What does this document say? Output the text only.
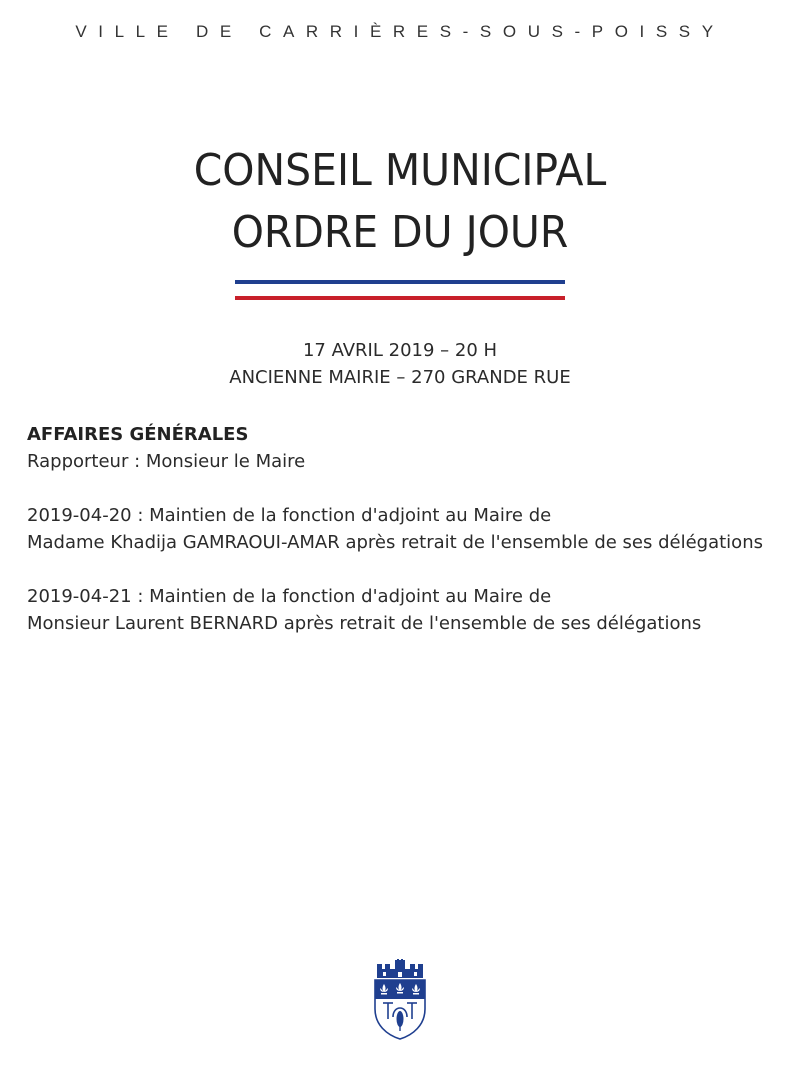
VILLE DE CARRIÈRES-SOUS-POISSY
CONSEIL MUNICIPAL
ORDRE DU JOUR
17 AVRIL 2019 – 20 H
ANCIENNE MAIRIE – 270 GRANDE RUE
AFFAIRES GÉNÉRALES
Rapporteur : Monsieur le Maire
2019-04-20 : Maintien de la fonction d'adjoint au Maire de
Madame Khadija GAMRAOUI-AMAR après retrait de l'ensemble de ses délégations
2019-04-21 : Maintien de la fonction d'adjoint au Maire de
Monsieur Laurent BERNARD après retrait de l'ensemble de ses délégations
